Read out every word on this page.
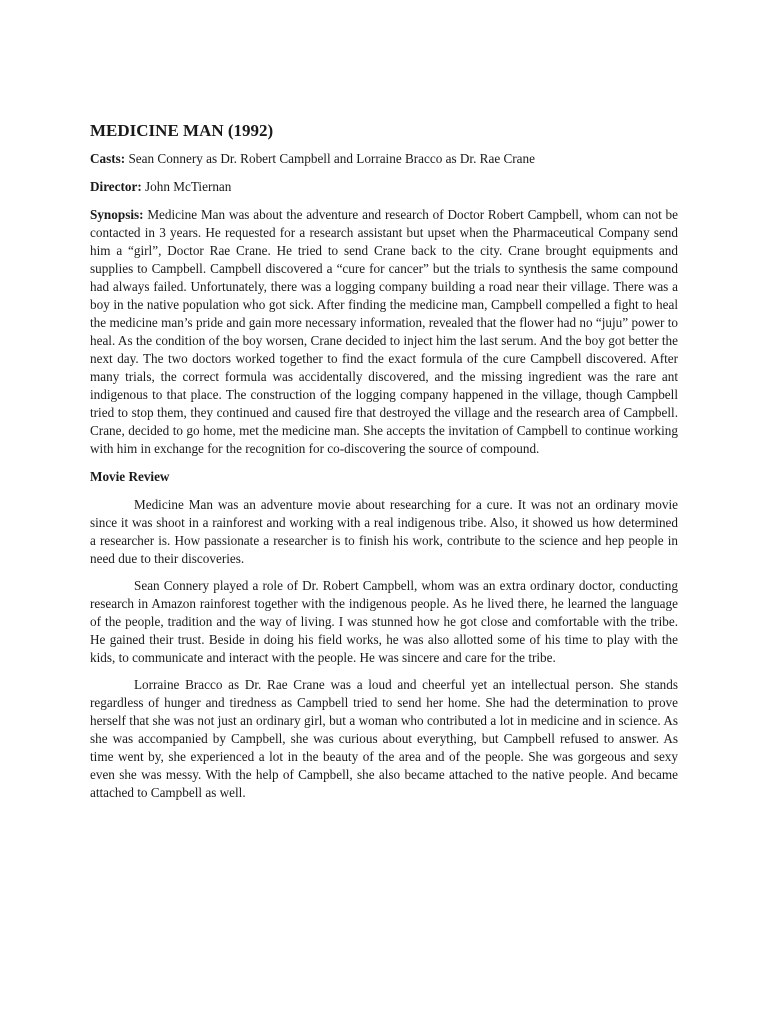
MEDICINE MAN (1992)
Casts: Sean Connery as Dr. Robert Campbell and Lorraine Bracco as Dr. Rae Crane
Director: John McTiernan
Synopsis: Medicine Man was about the adventure and research of Doctor Robert Campbell, whom can not be contacted in 3 years. He requested for a research assistant but upset when the Pharmaceutical Company send him a “girl”, Doctor Rae Crane. He tried to send Crane back to the city. Crane brought equipments and supplies to Campbell. Campbell discovered a “cure for cancer” but the trials to synthesis the same compound had always failed. Unfortunately, there was a logging company building a road near their village. There was a boy in the native population who got sick. After finding the medicine man, Campbell compelled a fight to heal the medicine man’s pride and gain more necessary information, revealed that the flower had no “juju” power to heal. As the condition of the boy worsen, Crane decided to inject him the last serum. And the boy got better the next day. The two doctors worked together to find the exact formula of the cure Campbell discovered. After many trials, the correct formula was accidentally discovered, and the missing ingredient was the rare ant indigenous to that place. The construction of the logging company happened in the village, though Campbell tried to stop them, they continued and caused fire that destroyed the village and the research area of Campbell. Crane, decided to go home, met the medicine man. She accepts the invitation of Campbell to continue working with him in exchange for the recognition for co-discovering the source of compound.
Movie Review

Medicine Man was an adventure movie about researching for a cure. It was not an ordinary movie since it was shoot in a rainforest and working with a real indigenous tribe. Also, it showed us how determined a researcher is. How passionate a researcher is to finish his work, contribute to the science and hep people in need due to their discoveries.

Sean Connery played a role of Dr. Robert Campbell, whom was an extra ordinary doctor, conducting research in Amazon rainforest together with the indigenous people. As he lived there, he learned the language of the people, tradition and the way of living. I was stunned how he got close and comfortable with the tribe. He gained their trust. Beside in doing his field works, he was also allotted some of his time to play with the kids, to communicate and interact with the people. He was sincere and care for the tribe.

Lorraine Bracco as Dr. Rae Crane was a loud and cheerful yet an intellectual person. She stands regardless of hunger and tiredness as Campbell tried to send her home. She had the determination to prove herself that she was not just an ordinary girl, but a woman who contributed a lot in medicine and in science. As she was accompanied by Campbell, she was curious about everything, but Campbell refused to answer. As time went by, she experienced a lot in the beauty of the area and of the people. She was gorgeous and sexy even she was messy. With the help of Campbell, she also became attached to the native people. And became attached to Campbell as well.
